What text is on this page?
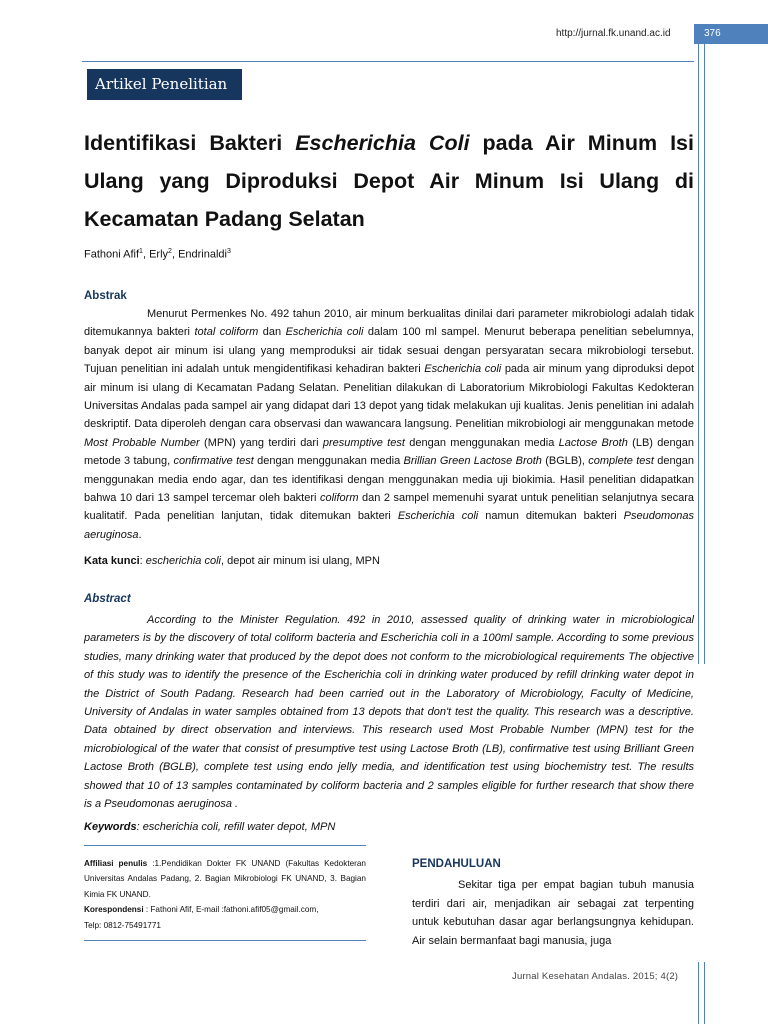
http://jurnal.fk.unand.ac.id	376
Artikel Penelitian
Identifikasi Bakteri Escherichia Coli pada Air Minum Isi Ulang yang Diproduksi Depot Air Minum Isi Ulang di Kecamatan Padang Selatan
Fathoni Afif$^1$, Erly$^2$, Endrinaldi$^3$
Abstrak

Menurut Permenkes No. 492 tahun 2010, air minum berkualitas dinilai dari parameter mikrobiologi adalah tidak ditemukannya bakteri total coliform dan Escherichia coli dalam 100 ml sampel. Menurut beberapa penelitian sebelumnya, banyak depot air minum isi ulang yang memproduksi air tidak sesuai dengan persyaratan secara mikrobiologi tersebut. Tujuan penelitian ini adalah untuk mengidentifikasi kehadiran bakteri Escherichia coli pada air minum yang diproduksi depot air minum isi ulang di Kecamatan Padang Selatan. Penelitian dilakukan di Laboratorium Mikrobiologi Fakultas Kedokteran Universitas Andalas pada sampel air yang didapat dari 13 depot yang tidak melakukan uji kualitas. Jenis penelitian ini adalah deskriptif. Data diperoleh dengan cara observasi dan wawancara langsung. Penelitian mikrobiologi air menggunakan metode Most Probable Number (MPN) yang terdiri dari presumptive test dengan menggunakan media Lactose Broth (LB) dengan metode 3 tabung, confirmative test dengan menggunakan media Brillian Green Lactose Broth (BGLB), complete test dengan menggunakan media endo agar, dan tes identifikasi dengan menggunakan media uji biokimia. Hasil penelitian didapatkan bahwa 10 dari 13 sampel tercemar oleh bakteri coliform dan 2 sampel memenuhi syarat untuk penelitian selanjutnya secara kualitatif. Pada penelitian lanjutan, tidak ditemukan bakteri Escherichia coli namun ditemukan bakteri Pseudomonas aeruginosa.

Kata kunci: escherichia coli, depot air minum isi ulang, MPN
Abstract

According to the Minister Regulation. 492 in 2010, assessed quality of drinking water in microbiological parameters is by the discovery of total coliform bacteria and Escherichia coli in a 100ml sample. According to some previous studies, many drinking water that produced by the depot does not conform to the microbiological requirements The objective of this study was to identify the presence of the Escherichia coli in drinking water produced by refill drinking water depot in the District of South Padang. Research had been carried out in the Laboratory of Microbiology, Faculty of Medicine, University of Andalas in water samples obtained from 13 depots that don't test the quality. This research was a descriptive. Data obtained by direct observation and interviews. This research used Most Probable Number (MPN) test for the microbiological of the water that consist of presumptive test using Lactose Broth (LB), confirmative test using Brilliant Green Lactose Broth (BGLB), complete test using endo jelly media, and identification test using biochemistry test. The results showed that 10 of 13 samples contaminated by coliform bacteria and 2 samples eligible for further research that show there is a Pseudomonas aeruginosa .

Keywords: escherichia coli, refill water depot, MPN

Affiliasi penulis :1.Pendidikan Dokter FK UNAND (Fakultas Kedokteran Universitas Andalas Padang, 2. Bagian Mikrobiologi FK UNAND, 3. Bagian Kimia FK UNAND.

Korespondensi : Fathoni Afif, E-mail :fathoni.afif05@gmail.com,

Telp: 0812-75491771

PENDAHULUAN

Sekitar tiga per empat bagian tubuh manusia terdiri dari air, menjadikan air sebagai zat terpenting untuk kebutuhan dasar agar berlangsungnya kehidupan. Air selain bermanfaat bagi manusia, juga

Jurnal Kesehatan Andalas. 2015; 4(2)
